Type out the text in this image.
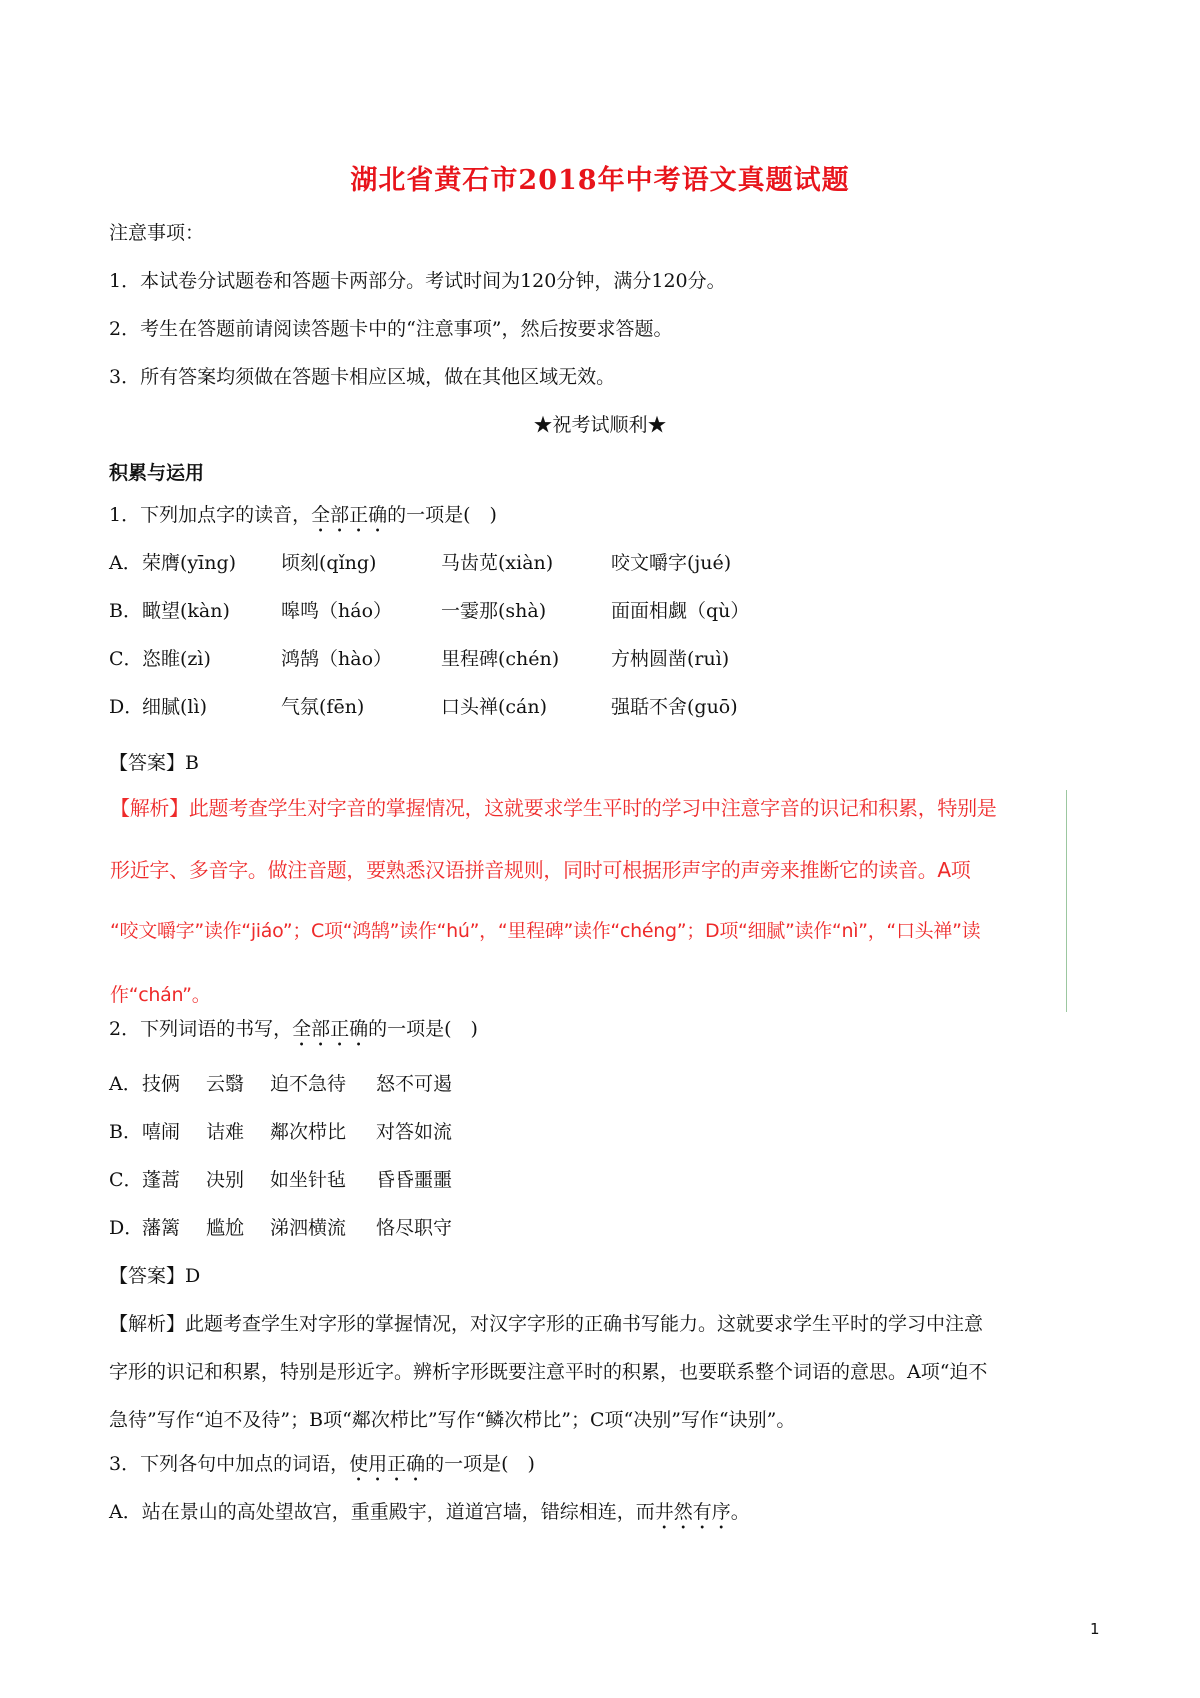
湖北省黄石市2018年中考语文真题试题
注意事项：
1．本试卷分试题卷和答题卡两部分。考试时间为120分钟，满分120分。
2．考生在答题前请阅读答题卡中的“注意事项”，然后按要求答题。
3．所有答案均须做在答题卡相应区城，做在其他区域无效。
★祝考试顺利★
积累与运用
1．下列加点字的读音，全部正确的一项是(　)
A． 荣膺(yīng) 顷刻(qǐng)	马齿苋(xiàn)	咬文嚼字(jué)
B． 瞰望(kàn)	嗥鸣（háo）	一霎那(shà)	面面相觑（qù）
C． 恣睢(zì)	鸿鹄（hào）	里程碑(chén)	方枘圆凿(ruì)
D．
细腻(lì)	气氛(fēn)	口头禅(cán)	强聒不舍(guō)
【答案】B
【解析】此题考查学生对字音的掌握情况，这就要求学生平时的学习中注意字音的识记和积累，特别是
形近字、多音字。做注音题，要熟悉汉语拼音规则，同时可根据形声字的声旁来推断它的读音。A项
“咬文嚼字”读作“jiáo”；C项“鸿鹄”读作“hú”，“里程碑”读作“chéng”；D项“细腻”读作“nì”，“口头禅”读
作“chán”。
2．下列词语的书写，全部正确的一项是(　)
A． 技俩 云翳 迫不急待 怒不可遏
B． 嘻闹 诘难 鄰次栉比 对答如流
C． 蓬蒿 决别 如坐针毡 昏昏噩噩
D．
藩篱 尴尬 涕泗横流 恪尽职守
【答案】D
【解析】此题考查学生对字形的掌握情况，对汉字字形的正确书写能力。这就要求学生平时的学习中注意
字形的识记和积累，特别是形近字。辨析字形既要注意平时的积累，也要联系整个词语的意思。A项“迫不
急待”写作“迫不及待”；B项“鄰次栉比”写作“鳞次栉比”；C项“决别”写作“诀别”。
3．下列各句中加点的词语，使用正确的一项是(　)
A．站在景山的高处望故宫，重重殿宇，道道宫墙，错综相连，而井然有序。
1
